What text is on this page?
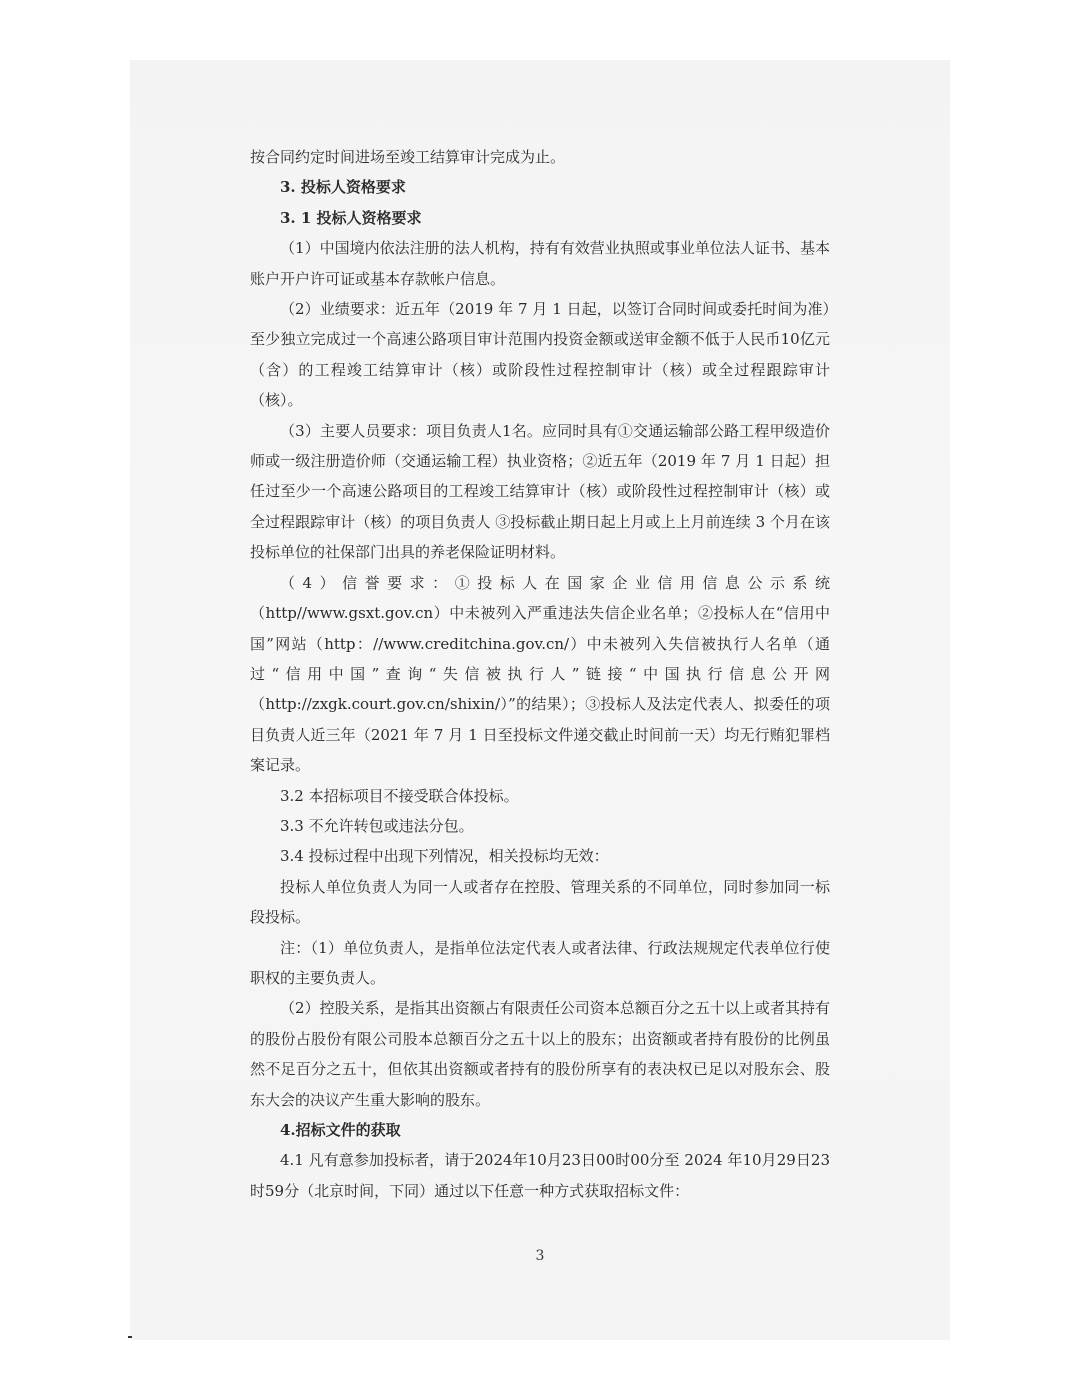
按合同约定时间进场至竣工结算审计完成为止。

3. 投标人资格要求

3. 1 投标人资格要求

（1）中国境内依法注册的法人机构，持有有效营业执照或事业单位法人证书、基本账户开户许可证或基本存款帐户信息。

（2）业绩要求：近五年（2019 年 7 月 1 日起，以签订合同时间或委托时间为准）至少独立完成过一个高速公路项目审计范围内投资金额或送审金额不低于人民币10亿元（含）的工程竣工结算审计（核）或阶段性过程控制审计（核）或全过程跟踪审计（核）。

（3）主要人员要求：项目负责人1名。应同时具有①交通运输部公路工程甲级造价师或一级注册造价师（交通运输工程）执业资格；②近五年（2019 年 7 月 1 日起）担任过至少一个高速公路项目的工程竣工结算审计（核）或阶段性过程控制审计（核）或全过程跟踪审计（核）的项目负责人 ③投标截止期日起上月或上上月前连续 3 个月在该投标单位的社保部门出具的养老保险证明材料。

（4）信誉要求：①投标人在国家企业信用信息公示系统（http//www.gsxt.gov.cn）中未被列入严重违法失信企业名单；②投标人在“信用中国”网站（http：//www.creditchina.gov.cn/）中未被列入失信被执行人名单（通过“信用中国”查询“失信被执行人”链接“中国执行信息公开网（http://zxgk.court.gov.cn/shixin/）”的结果）；③投标人及法定代表人、拟委任的项目负责人近三年（2021 年 7 月 1 日至投标文件递交截止时间前一天）均无行贿犯罪档案记录。

3.2 本招标项目不接受联合体投标。

3.3 不允许转包或违法分包。

3.4 投标过程中出现下列情况，相关投标均无效：

投标人单位负责人为同一人或者存在控股、管理关系的不同单位，同时参加同一标段投标。

注：（1）单位负责人，是指单位法定代表人或者法律、行政法规规定代表单位行使职权的主要负责人。

（2）控股关系，是指其出资额占有限责任公司资本总额百分之五十以上或者其持有的股份占股份有限公司股本总额百分之五十以上的股东；出资额或者持有股份的比例虽然不足百分之五十，但依其出资额或者持有的股份所享有的表决权已足以对股东会、股东大会的决议产生重大影响的股东。

4.招标文件的获取

4.1 凡有意参加投标者，请于2024年10月23日00时00分至 2024 年10月29日23时59分（北京时间，下同）通过以下任意一种方式获取招标文件：

3
